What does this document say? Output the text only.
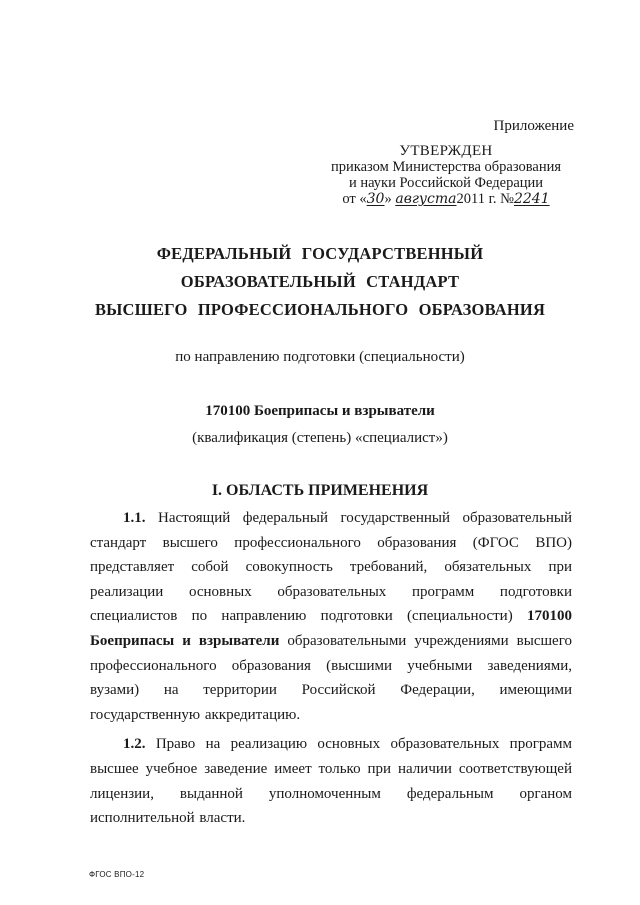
Приложение
УТВЕРЖДЕН
приказом Министерства образования
и науки Российской Федерации
от «30» августа2011 г. №2241
ФЕДЕРАЛЬНЫЙ ГОСУДАРСТВЕННЫЙ
ОБРАЗОВАТЕЛЬНЫЙ СТАНДАРТ
ВЫСШЕГО ПРОФЕССИОНАЛЬНОГО ОБРАЗОВАНИЯ
по направлению подготовки (специальности)
170100 Боеприпасы и взрыватели
(квалификация (степень) «специалист»)
I. ОБЛАСТЬ ПРИМЕНЕНИЯ

1.1. Настоящий федеральный государственный образовательный стандарт высшего профессионального образования (ФГОС ВПО) представляет собой совокупность требований, обязательных при реализации основных образовательных программ подготовки специалистов по направлению подготовки (специальности) 170100 Боеприпасы и взрыватели образовательными учреждениями высшего профессионального образования (высшими учебными заведениями, вузами) на территории Российской Федерации, имеющими государственную аккредитацию.

1.2. Право на реализацию основных образовательных программ высшее учебное заведение имеет только при наличии соответствующей лицензии, выданной уполномоченным федеральным органом исполнительной власти.

ФГОС ВПО-12
